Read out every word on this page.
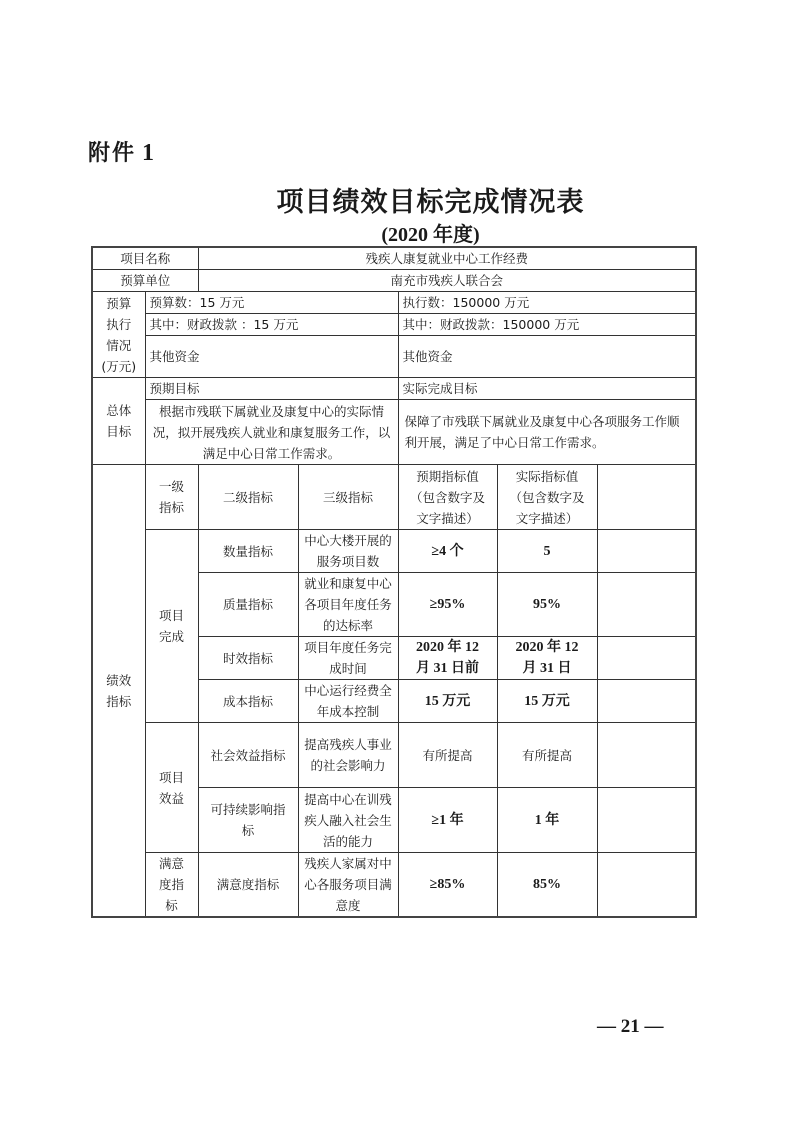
附件 1
项目绩效目标完成情况表
(2020 年度)
项目名称		残疾人康复就业中心工作经费				
预算单位		南充市残疾人联合会				

预算
执行
情况
(万元)	预算数：15 万元			执行数：150000 万元		
	其中：财政拨款 ：15 万元			其中：财政拨款：150000 万元		
	其他资金			其他资金		

总体
目标	预期目标			实际完成目标		
	根据市残联下属就业及康复中心的实际情况，拟开展残疾人就业和康复服务工作，以满足中心日常工作需求。			保障了市残联下属就业及康复中心各项服务工作顺利开展，满足了中心日常工作需求。		

绩效
指标	一级指标	二级指标	三级指标	预期指标值（包含数字及文字描述）	实际指标值（包含数字及文字描述）	
	项目完成	数量指标	中心大楼开展的服务项目数	≥4 个	5	
		质量指标	就业和康复中心各项目年度任务的达标率	≥95%	95%	
		时效指标	项目年度任务完成时间	2020 年 12 月 31 日前	2020 年 12 月 31 日	
		成本指标	中心运行经费全年成本控制	15 万元	15 万元	
	项目效益	社会效益指标	提高残疾人事业的社会影响力	有所提高	有所提高	
		可持续影响指标	提高中心在训残疾人融入社会生活的能力	≥1 年	1 年	
	满意度指标	满意度指标	残疾人家属对中心各服务项目满意度	≥85%	85%	
— 21 —
